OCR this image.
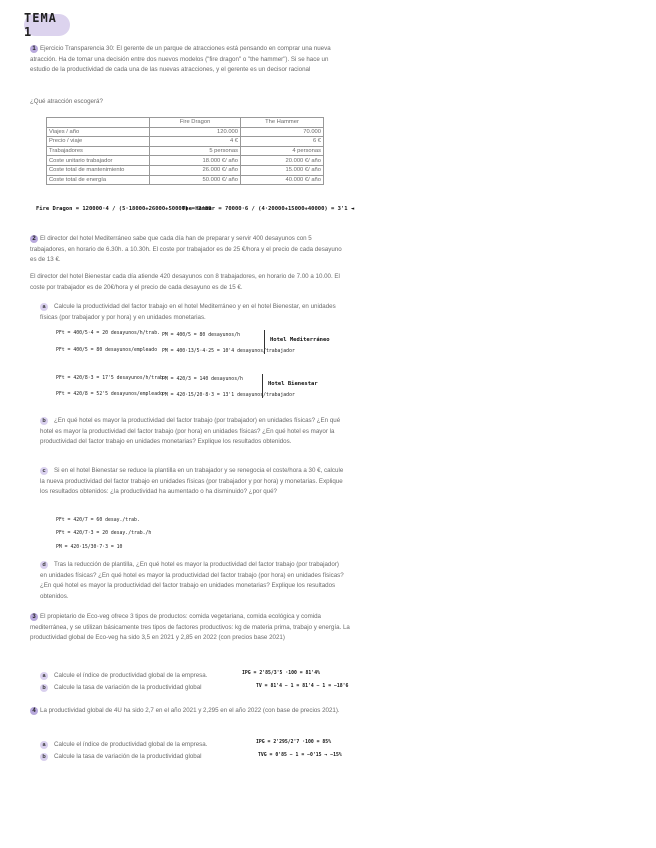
TEMA 1
1 Ejercicio Transparencia 30: El gerente de un parque de atracciones está pensando en comprar una nueva atracción. Ha de tomar una decisión entre dos nuevos modelos ("fire dragon" o "the hammer"). Si se hace un estudio de la productividad de cada una de las nuevas atracciones, y el gerente es un decisor racional
¿Qué atracción escogerá?
	Fire Dragon	The Hammer
Viajes / año	120.000	70.000
Precio / viaje	4 €	6 €
Trabajadores	5 personas	4 personas
Coste unitario trabajador	18.000 €/ año	20.000 €/ año
Coste total de mantenimiento	26.000 €/ año	15.000 €/ año
Coste total de energía	50.000 €/ año	40.000 €/ año
Fire Dragon = 120000·4 / (5·18000+26000+50000) = 2'89
The Hammer = 70000·6 / (4·20000+15000+40000) = 3'1 ◄
2 El director del hotel Mediterráneo sabe que cada día han de preparar y servir 400 desayunos con 5 trabajadores, en horario de 6.30h. a 10.30h. El coste por trabajador es de 25 €/hora y el precio de cada desayuno es de 13 €.
El director del hotel Bienestar cada día atiende 420 desayunos con 8 trabajadores, en horario de 7.00 a 10.00. El coste por trabajador es de 20€/hora y el precio de cada desayuno es de 15 €.
a Calcule la productividad del factor trabajo en el hotel Mediterráneo y en el hotel Bienestar, en unidades físicas (por trabajador y por hora) y en unidades monetarias.
PFt = 400/5·4 = 20 desayunos/h/trab.
PFt = 400/5 = 80 desayunos/empleado
PM = 400/5 = 80 desayunos/h
PM = 400·13/5·4·25 = 10'4 desayunos/trabajador
Hotel Mediterráneo
PFt = 420/8·3 = 17'5 desayunos/h/trab.
PFt = 420/8 = 52'5 desayunos/empleado
PM = 420/3 = 140 desayunos/h
PM = 420·15/20·8·3 = 13'1 desayunos/trabajador
Hotel Bienestar
b ¿En qué hotel es mayor la productividad del factor trabajo (por trabajador) en unidades físicas? ¿En qué hotel es mayor la productividad del factor trabajo (por hora) en unidades físicas? ¿En qué hotel es mayor la productividad del factor trabajo en unidades monetarias? Explique los resultados obtenidos.
c Si en el hotel Bienestar se reduce la plantilla en un trabajador y se renegocia el coste/hora a 30 €, calcule la nueva productividad del factor trabajo en unidades físicas (por trabajador y por hora) y monetarias. Explique los resultados obtenidos: ¿la productividad ha aumentado o ha disminuido? ¿por qué?
PFt = 420/7 = 60 desay./trab.
PFt = 420/7·3 = 20 desay./trab./h
PM = 420·15/30·7·3 = 10
d Tras la reducción de plantilla, ¿En qué hotel es mayor la productividad del factor trabajo (por trabajador) en unidades físicas? ¿En qué hotel es mayor la productividad del factor trabajo (por hora) en unidades físicas? ¿En qué hotel es mayor la productividad del factor trabajo en unidades monetarias? Explique los resultados obtenidos.
3 El propietario de Eco-veg ofrece 3 tipos de productos: comida vegetariana, comida ecológica y comida mediterránea, y se utilizan básicamente tres tipos de factores productivos: kg de materia prima, trabajo y energía. La productividad global de Eco-veg ha sido 3,5 en 2021 y 2,85 en 2022 (con precios base 2021)
a Calcule el índice de productividad global de la empresa.	IPG = 2'85/3'5 ·100 = 81'4%
b Calcule la tasa de variación de la productividad global	TV = 81'4 − 1 = 81'4 − 1 = −18'6
4 La productividad global de 4U ha sido 2,7 en el año 2021 y 2,295 en el año 2022 (con base de precios 2021).
a Calcule el índice de productividad global de la empresa.	IPG = 2'295/2'7 ·100 = 85%
b Calcule la tasa de variación de la productividad global	TVG = 0'85 − 1 = −0'15 → −15%
